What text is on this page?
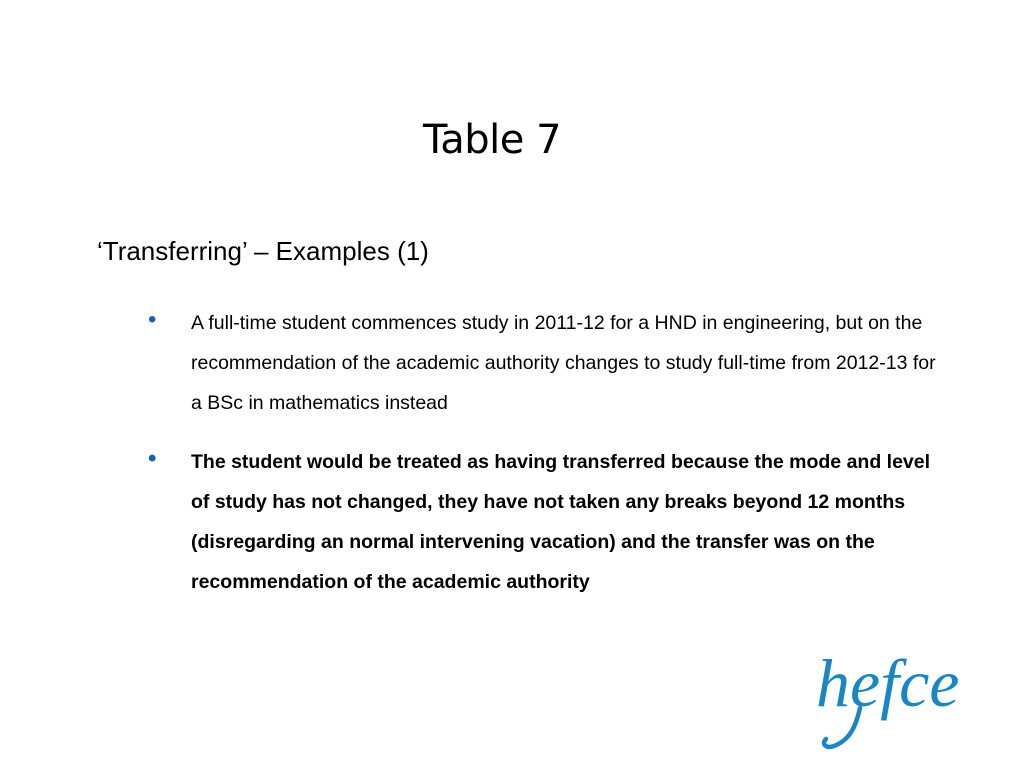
Table 7
‘Transferring’ – Examples (1)
• A full-time student commences study in 2011-12 for a HND in engineering, but on the recommendation of the academic authority changes to study full-time from 2012-13 for a BSc in mathematics instead
• The student would be treated as having transferred because the mode and level of study has not changed, they have not taken any breaks beyond 12 months (disregarding an normal intervening vacation) and the transfer was on the recommendation of the academic authority
hefce
